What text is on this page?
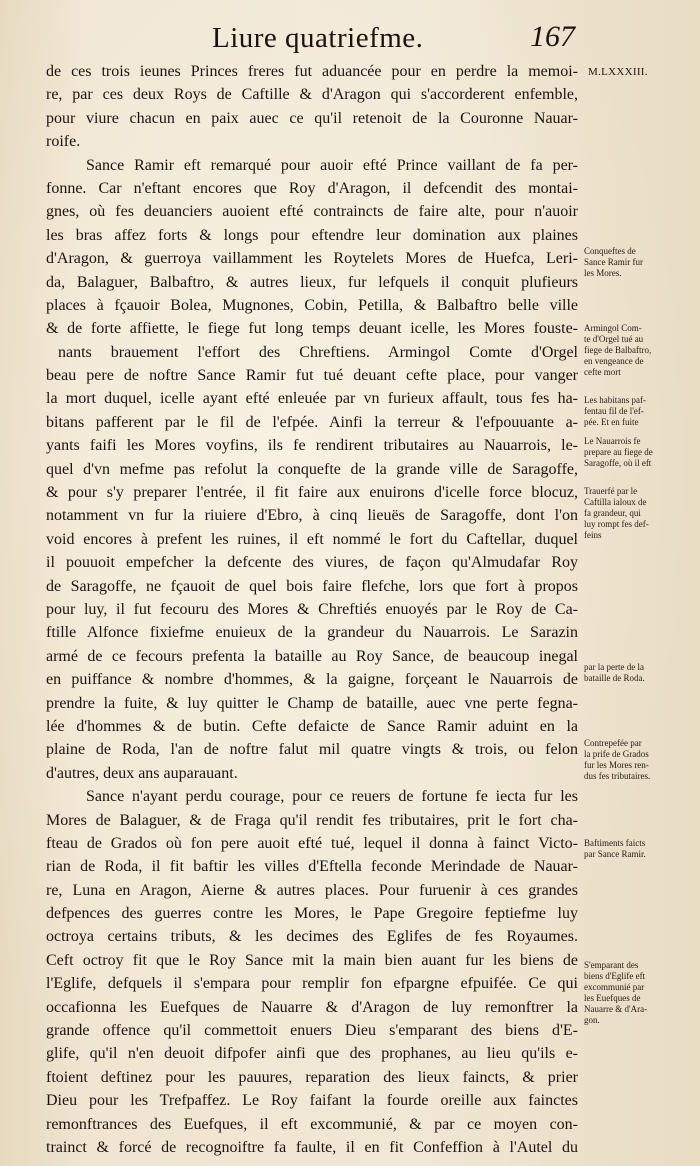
Liure quatriefme.	167
M.LXXXIII.
de ces trois ieunes Princes freres fut aduancée pour en perdre la memoi-
re, par ces deux Roys de Caftille & d'Aragon qui s'accorderent enfemble,
pour viure chacun en paix auec ce qu'il retenoit de la Couronne Nauar-
roife.
Sance Ramir eft remarqué pour auoir efté Prince vaillant de fa per-
fonne. Car n'eftant encores que Roy d'Aragon, il defcendit des montai-
gnes, où fes deuanciers auoient efté contraincts de faire alte, pour n'auoir
les bras affez forts & longs pour eftendre leur domination aux plaines
d'Aragon, & guerroya vaillamment les Roytelets Mores de Huefca, Leri-
da, Balaguer, Balbaftro, & autres lieux, fur lefquels il conquit plufieurs
places à fçauoir Bolea, Mugnones, Cobin, Petilla, & Balbaftro belle ville
& de forte affiette, le fiege fut long temps deuant icelle, les Mores fouste-
nants brauement l'effort des Chreftiens. Armingol Comte d'Orgel
beau pere de noftre Sance Ramir fut tué deuant cefte place, pour vanger
la mort duquel, icelle ayant efté enleuée par vn furieux affault, tous fes ha-
bitans pafferent par le fil de l'efpée. Ainfi la terreur & l'efpouuante a-
yants faifi les Mores voyfins, ils fe rendirent tributaires au Nauarrois, le-
quel d'vn mefme pas refolut la conquefte de la grande ville de Saragoffe,
& pour s'y preparer l'entrée, il fit faire aux enuirons d'icelle force blocuz,
notamment vn fur la riuiere d'Ebro, à cinq lieuës de Saragoffe, dont l'on
void encores à prefent les ruines, il eft nommé le fort du Caftellar, duquel
il pouuoit empefcher la defcente des viures, de façon qu'Almudafar Roy
de Saragoffe, ne fçauoit de quel bois faire flefche, lors que fort à propos
pour luy, il fut fecouru des Mores & Chreftiés enuoyés par le Roy de Ca-
ftille Alfonce fixiefme enuieux de la grandeur du Nauarrois. Le Sarazin
armé de ce fecours prefenta la bataille au Roy Sance, de beaucoup inegal
en puiffance & nombre d'hommes, & la gaigne, forçeant le Nauarrois de
prendre la fuite, & luy quitter le Champ de bataille, auec vne perte fegna-
lée d'hommes & de butin. Cefte defaicte de Sance Ramir aduint en la
plaine de Roda, l'an de noftre falut mil quatre vingts & trois, ou felon
d'autres, deux ans auparauant.
Sance n'ayant perdu courage, pour ce reuers de fortune fe iecta fur les
Mores de Balaguer, & de Fraga qu'il rendit fes tributaires, prit le fort cha-
fteau de Grados où fon pere auoit efté tué, lequel il donna à fainct Victo-
rian de Roda, il fit baftir les villes d'Eftella feconde Merindade de Nauar-
re, Luna en Aragon, Aierne & autres places. Pour furuenir à ces grandes
defpences des guerres contre les Mores, le Pape Gregoire feptiefme luy
octroya certains tributs, & les decimes des Eglifes de fes Royaumes.
Ceft octroy fit que le Roy Sance mit la main bien auant fur les biens de
l'Eglife, defquels il s'empara pour remplir fon efpargne efpuifée. Ce qui
occafionna les Euefques de Nauarre & d'Aragon de luy remonftrer la
grande offence qu'il commettoit enuers Dieu s'emparant des biens d'E-
glife, qu'il n'en deuoit difpofer ainfi que des prophanes, au lieu qu'ils e-
ftoient deftinez pour les pauures, reparation des lieux faincts, & prier
Dieu pour les Trefpaffez. Le Roy faifant la fourde oreille aux fainctes
remonftrances des Euefques, il eft excommunié, & par ce moyen con-
trainct & forcé de recognoiftre fa faulte, il en fit Confeffion à l'Autel du
Conqueftes de
Sance Ramir fur
les Mores.
Armingol Com-
te d'Orgel tué au
fiege de Balbaftro,
en vengeance de
cefte mort
Les habitans paf-
fentau fil de l'ef-
pée. Et en fuite
Le Nauarrois fe
prepare au fiege de
Saragoffe, où il eft
Trauerfé par le
Caftilla ialoux de
fa grandeur, qui
luy rompt fes def-
feins
par la perte de la
bataille de Roda.
Contrepefée par
la prife de Grados
fur les Mores ren-
dus fes tributaires.
Baftiments faicts
par Sance Ramir.
S'emparant des
biens d'Eglife eft
excommunié par
les Euefques de
Nauarre & d'Ara-
gon.
